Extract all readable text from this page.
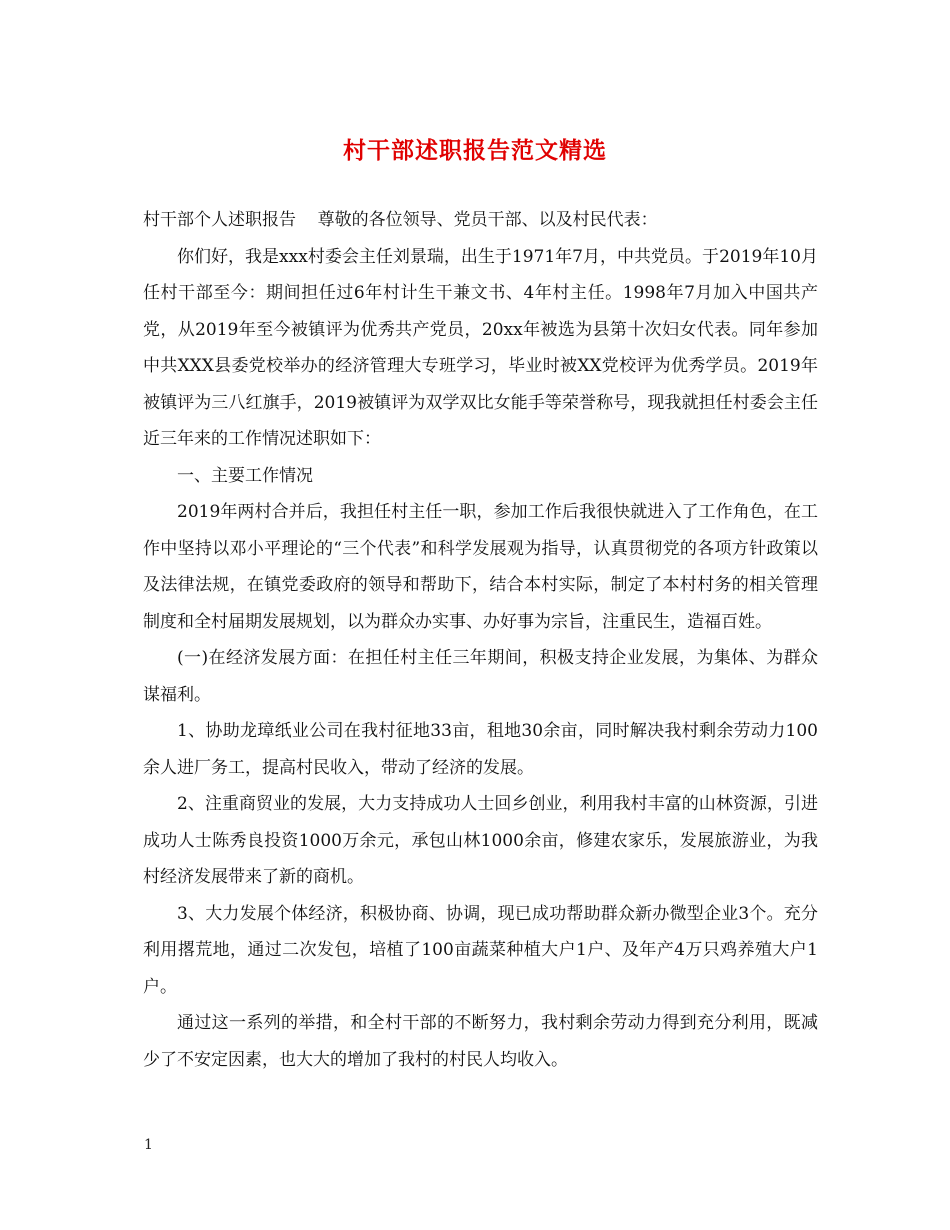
村干部述职报告范文精选

村干部个人述职报告    尊敬的各位领导、党员干部、以及村民代表：

你们好，我是xxx村委会主任刘景瑞，出生于1971年7月，中共党员。于2019年10月任村干部至今：期间担任过6年村计生干兼文书、4年村主任。1998年7月加入中国共产党，从2019年至今被镇评为优秀共产党员，20xx年被选为县第十次妇女代表。同年参加中共XXX县委党校举办的经济管理大专班学习，毕业时被XX党校评为优秀学员。2019年被镇评为三八红旗手，2019被镇评为双学双比女能手等荣誉称号，现我就担任村委会主任近三年来的工作情况述职如下：

一、主要工作情况

2019年两村合并后，我担任村主任一职，参加工作后我很快就进入了工作角色，在工作中坚持以邓小平理论的“三个代表”和科学发展观为指导，认真贯彻党的各项方针政策以及法律法规，在镇党委政府的领导和帮助下，结合本村实际，制定了本村村务的相关管理制度和全村届期发展规划，以为群众办实事、办好事为宗旨，注重民生，造福百姓。

(一)在经济发展方面：在担任村主任三年期间，积极支持企业发展，为集体、为群众谋福利。

1、协助龙璋纸业公司在我村征地33亩，租地30余亩，同时解决我村剩余劳动力100余人进厂务工，提高村民收入，带动了经济的发展。

2、注重商贸业的发展，大力支持成功人士回乡创业，利用我村丰富的山林资源，引进成功人士陈秀良投资1000万余元，承包山林1000余亩，修建农家乐，发展旅游业，为我村经济发展带来了新的商机。

3、大力发展个体经济，积极协商、协调，现已成功帮助群众新办微型企业3个。充分利用撂荒地，通过二次发包，培植了100亩蔬菜种植大户1户、及年产4万只鸡养殖大户1户。

通过这一系列的举措，和全村干部的不断努力，我村剩余劳动力得到充分利用，既减少了不安定因素，也大大的增加了我村的村民人均收入。

1
